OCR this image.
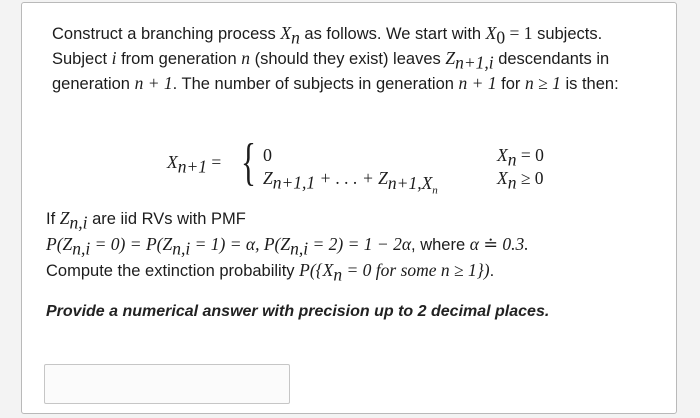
Construct a branching process $X_n$ as follows. We start with $X_0 = 1$ subjects.
Subject i from generation n (should they exist) leaves $Z_{n+1,i}$ descendants in generation n + 1. The number of subjects in generation n + 1 for n ≥ 1 is then:
$X_{n+1}$ = { 0
$Z_{n+1,1}$ + . . . + $Z_{n+1,X_n}$
$X_n = 0$
$X_n \ge 0$
If $Z_{n,i}$ are iid RVs with PMF
$P(Z_{n,i} = 0) = P(Z_{n,i} = 1) = \alpha$, $P(Z_{n,i} = 2) = 1 - 2\alpha$, where α ≐ 0.3.
Compute the extinction probability $P(\{X_n = 0$ for some n ≥ 1}).
Provide a numerical answer with precision up to 2 decimal places.
